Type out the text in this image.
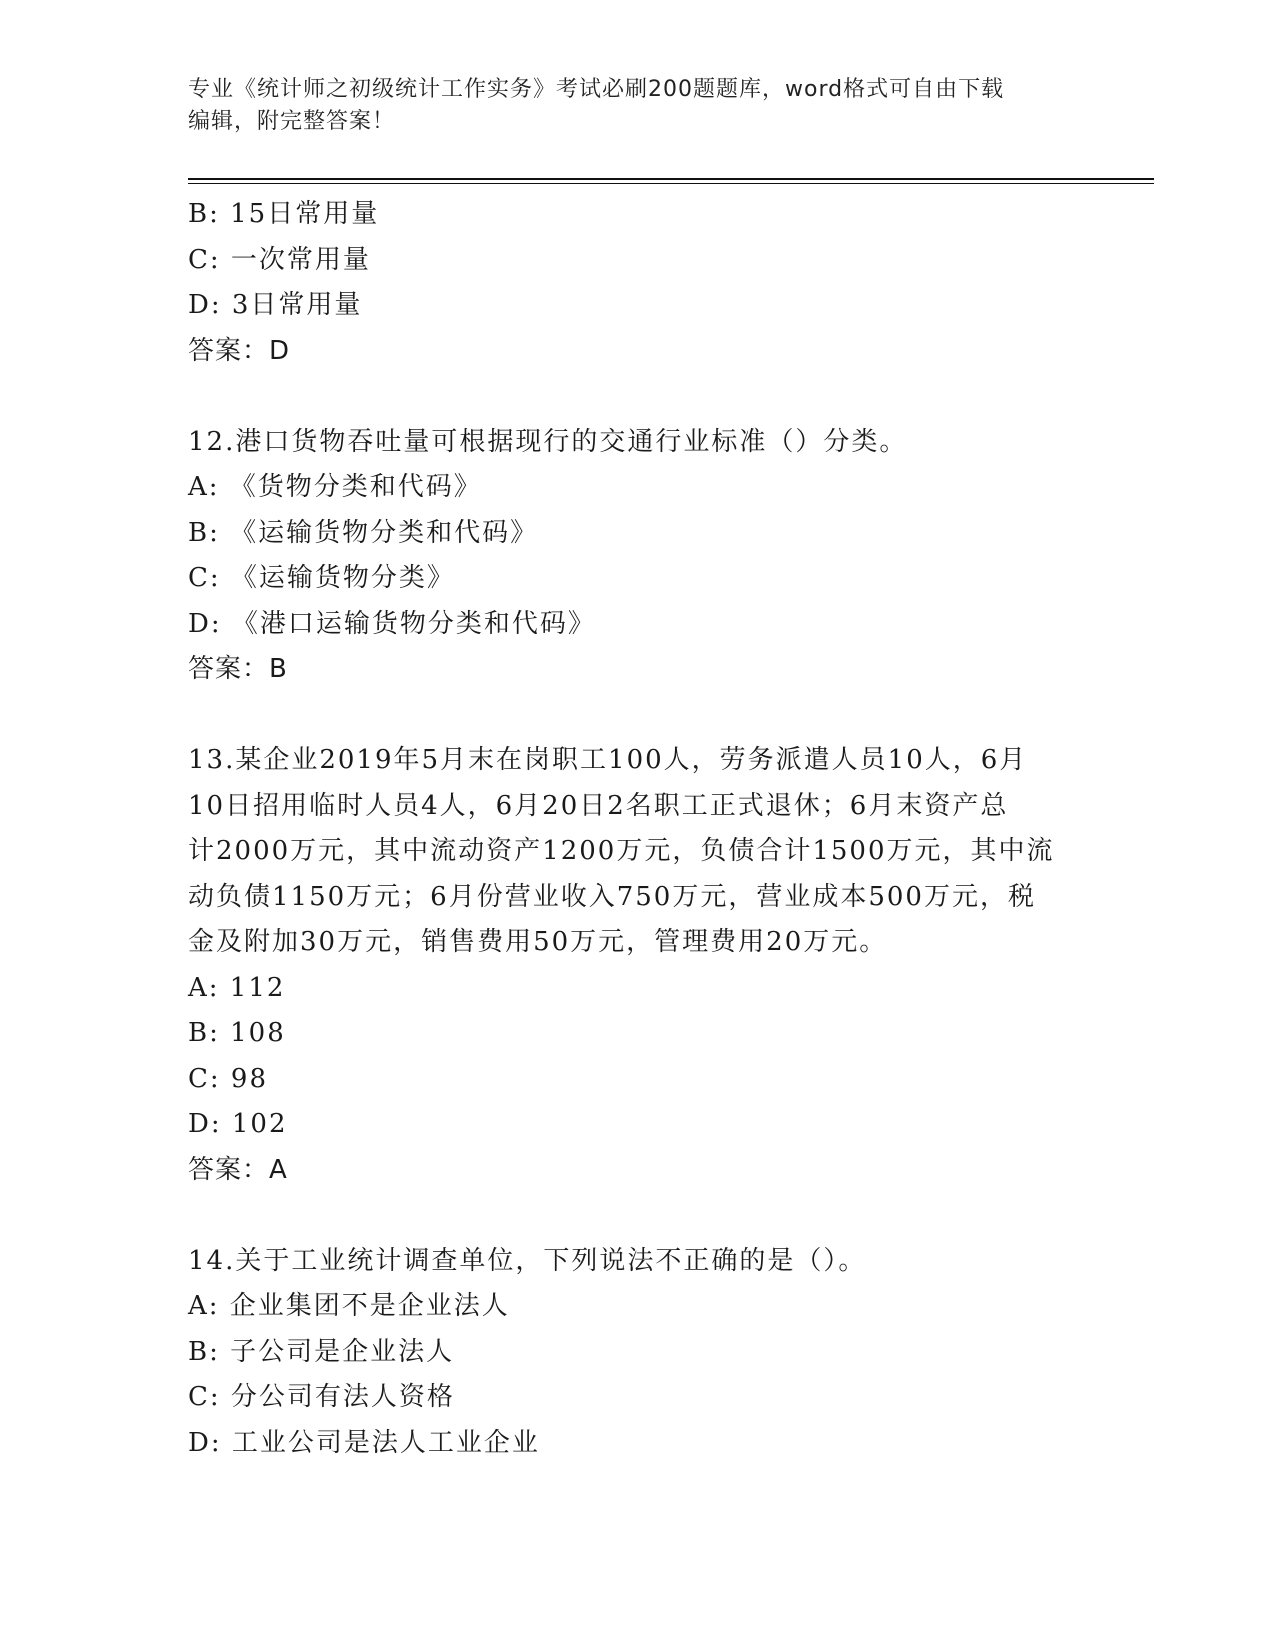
专业《统计师之初级统计工作实务》考试必刷200题题库，word格式可自由下载
编辑，附完整答案！
B: 15日常用量
C: 一次常用量
D: 3日常用量
答案：D
12.港口货物吞吐量可根据现行的交通行业标准（）分类。
A: 《货物分类和代码》
B: 《运输货物分类和代码》
C: 《运输货物分类》
D: 《港口运输货物分类和代码》
答案：B
13.某企业2019年5月末在岗职工100人，劳务派遣人员10人，6月
10日招用临时人员4人，6月20日2名职工正式退休；6月末资产总
计2000万元，其中流动资产1200万元，负债合计1500万元，其中流
动负债1150万元；6月份营业收入750万元，营业成本500万元，税
金及附加30万元，销售费用50万元，管理费用20万元。
A: 112
B: 108
C: 98
D: 102
答案：A
14.关于工业统计调查单位，下列说法不正确的是（）。
A: 企业集团不是企业法人
B: 子公司是企业法人
C: 分公司有法人资格
D: 工业公司是法人工业企业
